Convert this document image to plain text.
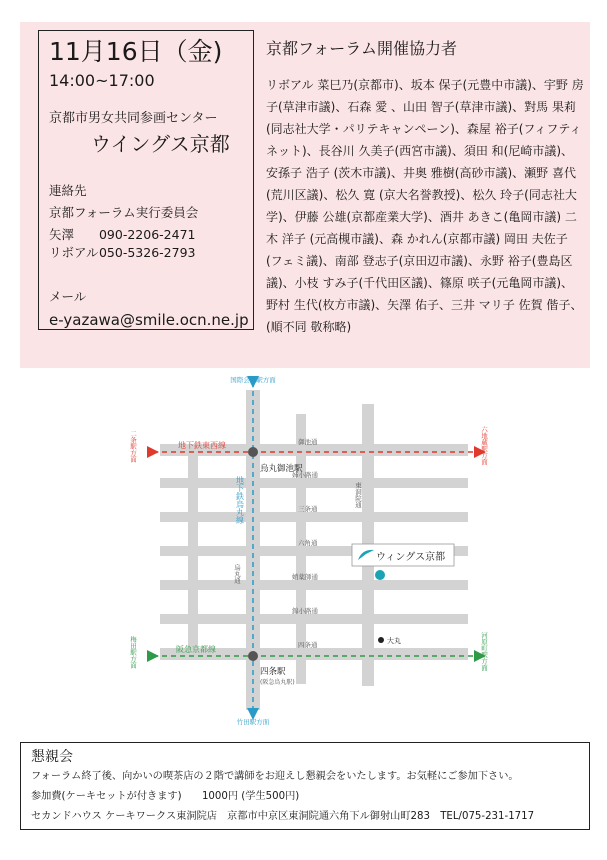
11月16日（金)
14:00~17:00
京都市男女共同参画センター
ウイングス京都
連絡先
京都フォーラム実行委員会
矢澤 090-2206-2471
リボアル 050-5326-2793
メール
e-yazawa@smile.ocn.ne.jp
京都フォーラム開催協力者
リボアル 菜巳乃(京都市)、坂本 保子(元豊中市議)、宇野 房子(草津市議)、石森 愛 、山田 智子(草津市議)、對馬 果莉(同志社大学・パリテキャンペーン)、森屋 裕子(フィフティネット)、長谷川 久美子(西宮市議)、須田 和(尼崎市議)、安孫子 浩子 (茨木市議)、井奥 雅樹(高砂市議)、瀬野 喜代(荒川区議)、松久 寛 (京大名誉教授)、松久 玲子(同志社大学)、伊藤 公雄(京都産業大学)、酒井 あきこ(亀岡市議) 二木 洋子 (元高槻市議)、森 かれん(京都市議) 岡田 夫佐子(フェミ議)、南部 登志子(京田辺市議)、永野 裕子(豊島区議)、小枝 すみ子(千代田区議)、篠原 咲子(元亀岡市議)、野村 生代(枚方市議)、矢澤 佑子、三井 マリ子 佐賀 偕子、(順不同 敬称略)
ウィングス京都
国際会館駅方面
竹田駅方面
地下鉄東西線
阪急京都線
烏丸御池駅
四条駅
(阪急烏丸駅)
大丸
御池通
姉小路通
三条通
六角通
蛸薬師通
錦小路通
四条通
東洞院通
烏丸通
地下鉄烏丸線
二条駅方面	六地蔵駅方面
梅田駅方面	河原町駅方面
懇親会
フォーラム終了後、向かいの喫茶店の２階で講師をお迎えし懇親会をいたします。お気軽にご参加下さい。
参加費(ケーキセットが付きます)　　1000円 (学生500円)
セカンドハウス ケーキワークス東洞院店　京都市中京区東洞院通六角下ル御射山町283　TEL/075-231-1717
